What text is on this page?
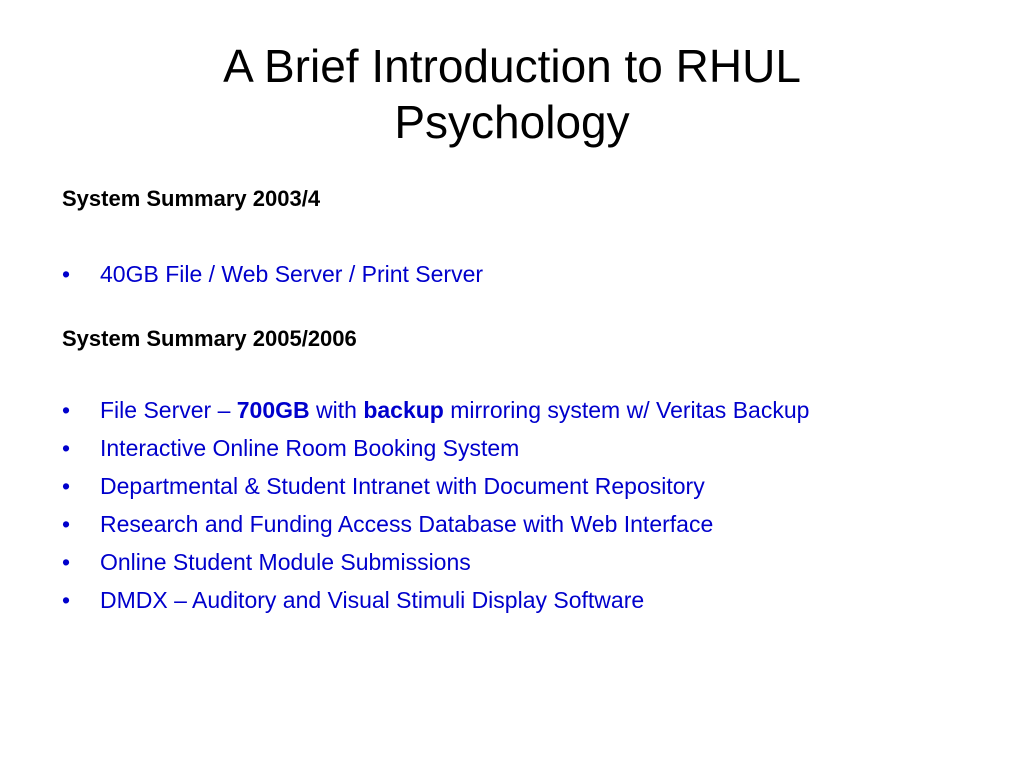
A Brief Introduction to RHUL
Psychology

System Summary 2003/4

• 40GB File / Web Server / Print Server

System Summary 2005/2006

• File Server – 700GB with backup mirroring system w/ Veritas Backup
• Interactive Online Room Booking System
• Departmental & Student Intranet with Document Repository
• Research and Funding Access Database with Web Interface
• Online Student Module Submissions
• DMDX – Auditory and Visual Stimuli Display Software
